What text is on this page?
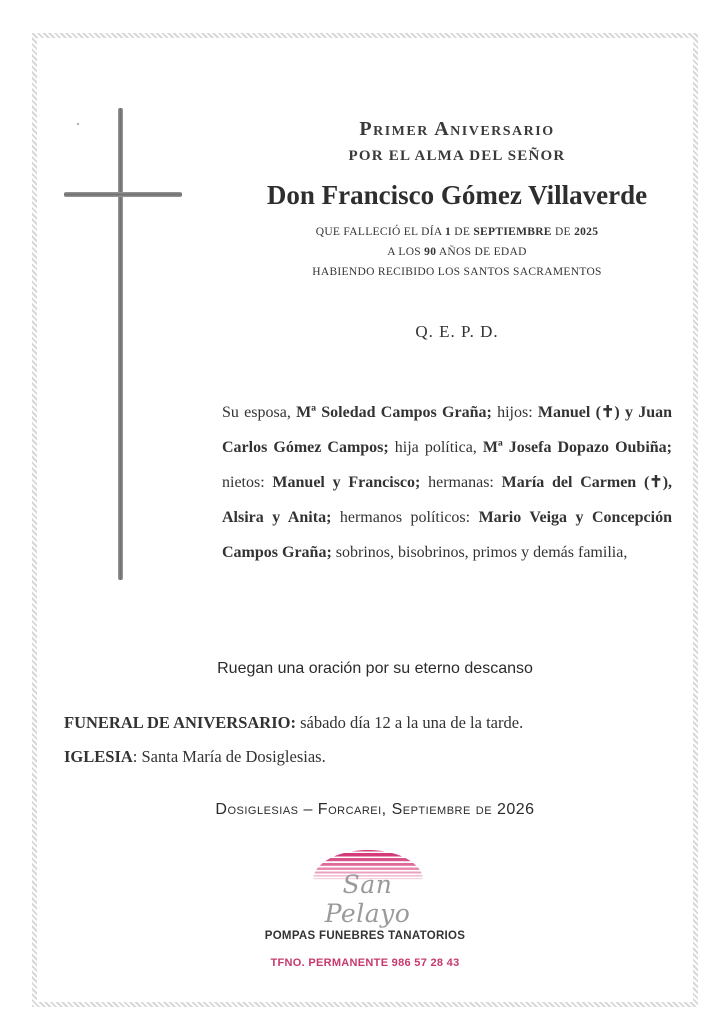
Primer Aniversario
POR EL ALMA DEL SEÑOR
Don Francisco Gómez Villaverde
QUE FALLECIÓ EL DÍA 1 DE SEPTIEMBRE DE 2025
A LOS 90 AÑOS DE EDAD
HABIENDO RECIBIDO LOS SANTOS SACRAMENTOS
Q. E. P. D.
Su esposa, Mª Soledad Campos Graña; hijos: Manuel (✝) y Juan Carlos Gómez Campos; hija política, Mª Josefa Dopazo Oubiña; nietos: Manuel y Francisco; hermanas: María del Carmen (✝), Alsira y Anita; hermanos políticos: Mario Veiga y Concepción Campos Graña; sobrinos, bisobrinos, primos y demás familia,
Ruegan una oración por su eterno descanso
FUNERAL DE ANIVERSARIO: sábado día 12 a la una de la tarde.
IGLESIA: Santa María de Dosiglesias.
Dosiglesias – Forcarei, Septiembre de 2026
San Pelayo
POMPAS FUNEBRES TANATORIOS
TFNO. PERMANENTE 986 57 28 43
